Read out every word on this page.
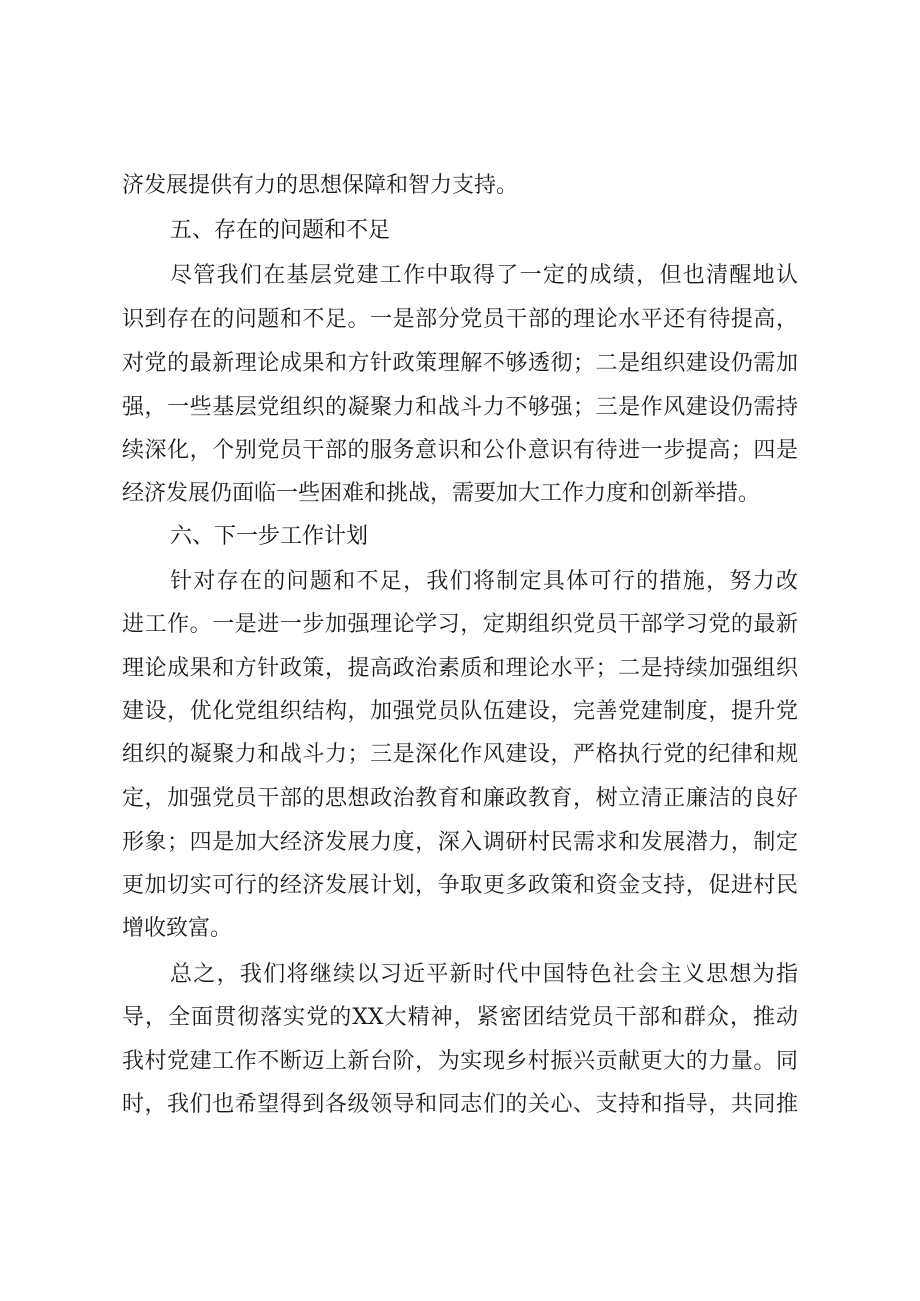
济发展提供有力的思想保障和智力支持。
五、存在的问题和不足
尽管我们在基层党建工作中取得了一定的成绩，但也清醒地认
识到存在的问题和不足。一是部分党员干部的理论水平还有待提高，
对党的最新理论成果和方针政策理解不够透彻；二是组织建设仍需加
强，一些基层党组织的凝聚力和战斗力不够强；三是作风建设仍需持
续深化，个别党员干部的服务意识和公仆意识有待进一步提高；四是
经济发展仍面临一些困难和挑战，需要加大工作力度和创新举措。
六、下一步工作计划
针对存在的问题和不足，我们将制定具体可行的措施，努力改
进工作。一是进一步加强理论学习，定期组织党员干部学习党的最新
理论成果和方针政策，提高政治素质和理论水平；二是持续加强组织
建设，优化党组织结构，加强党员队伍建设，完善党建制度，提升党
组织的凝聚力和战斗力；三是深化作风建设，严格执行党的纪律和规
定，加强党员干部的思想政治教育和廉政教育，树立清正廉洁的良好
形象；四是加大经济发展力度，深入调研村民需求和发展潜力，制定
更加切实可行的经济发展计划，争取更多政策和资金支持，促进村民
增收致富。
总之，我们将继续以习近平新时代中国特色社会主义思想为指
导，全面贯彻落实党的XX大精神，紧密团结党员干部和群众，推动
我村党建工作不断迈上新台阶，为实现乡村振兴贡献更大的力量。同
时，我们也希望得到各级领导和同志们的关心、支持和指导，共同推
